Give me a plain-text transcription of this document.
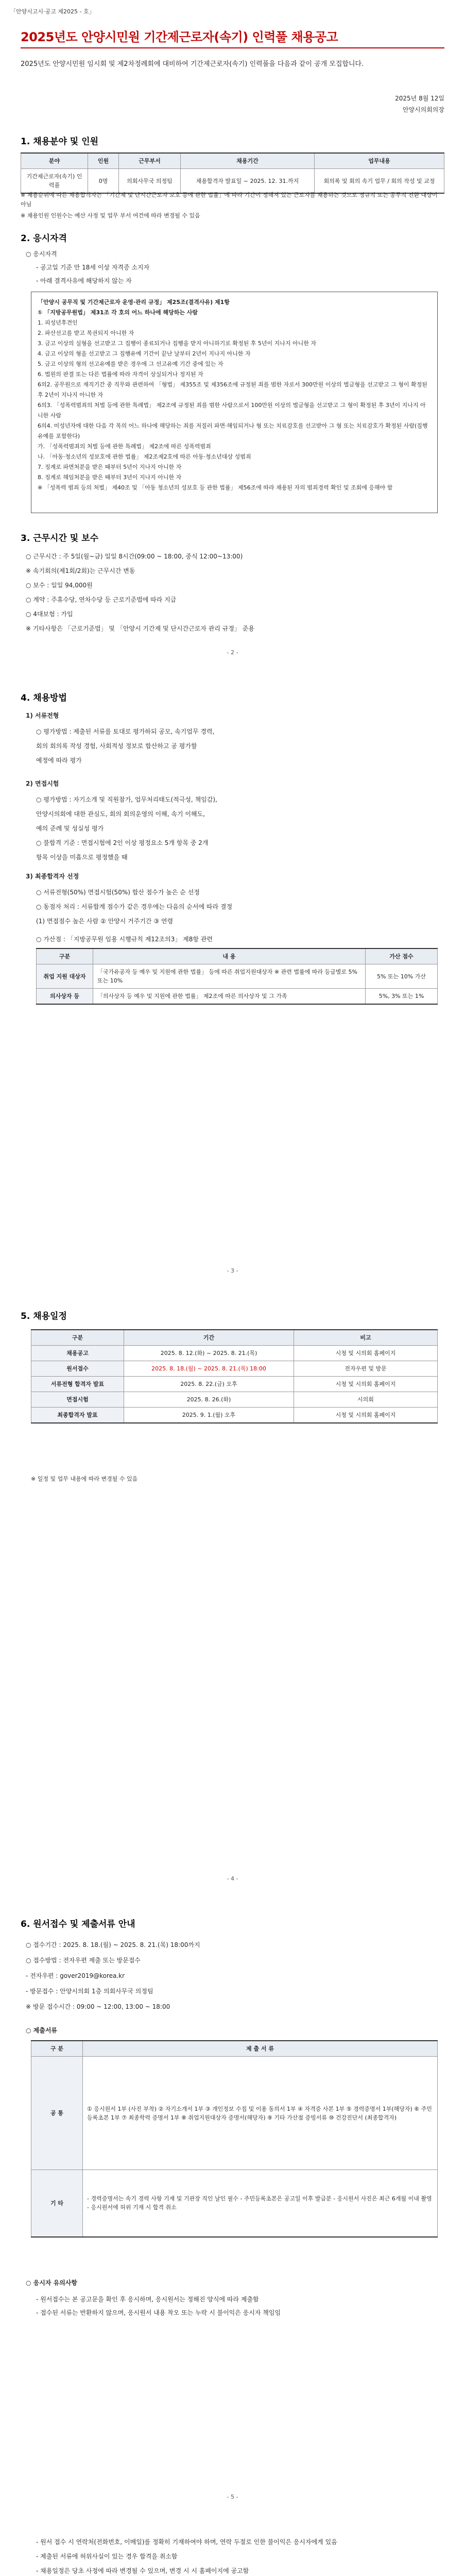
「안양시고시·공고 제2025 - 호」
2025년도 안양시민원 기간제근로자(속기) 인력풀 채용공고
2025년도 안양시민원 임시회 및 제2차정례회에 대비하여 기간제근로자(속기) 인력풀을 다음과 같이 공개 모집합니다.
2025년 8월 12일
안양시의회의장
1. 채용분야 및 인원
분야	인원	근무부서	채용기간	업무내용
기간제근로자(속기) 인력풀	0명	의회사무국 의정팀	채용합격자 발표일 ~ 2025. 12. 31.까지	회의록 및 회의 속기 업무 / 회의 작성 및 교정
※ 채용순위에 따른 채용합격자는 「기간제 및 단시간근로자 보호 등에 관한 법률」에 따라 기간이 정해져 있는 근로자를 채용하는 것으로 정규직 또는 공무직 전환 대상이 아님
※ 채용인원 인원수는 예산 사정 및 업무 부서 여건에 따라 변경될 수 있음
2. 응시자격
○ 응시자격
- 공고일 기준 만 18세 이상 자격증 소지자
- 아래 결격사유에 해당하지 않는 자
「안양시 공무직 및 기간제근로자 운영·관리 규정」 제25조(결격사유) 제1항
① 「지방공무원법」 제31조 각 호의 어느 하나에 해당하는 사람
1. 피성년후견인
2. 파산선고를 받고 복권되지 아니한 자
3. 금고 이상의 실형을 선고받고 그 집행이 종료되거나 집행을 받지 아니하기로 확정된 후 5년이 지나지 아니한 자
4. 금고 이상의 형을 선고받고 그 집행유예 기간이 끝난 날부터 2년이 지나지 아니한 자
5. 금고 이상의 형의 선고유예를 받은 경우에 그 선고유예 기간 중에 있는 자
6. 법원의 판결 또는 다른 법률에 따라 자격이 상실되거나 정지된 자
6의2. 공무원으로 재직기간 중 직무와 관련하여 「형법」 제355조 및 제356조에 규정된 죄를 범한 자로서 300만원 이상의 벌금형을 선고받고 그 형이 확정된 후 2년이 지나지 아니한 자
6의3. 「성폭력범죄의 처벌 등에 관한 특례법」 제2조에 규정된 죄를 범한 사람으로서 100만원 이상의 벌금형을 선고받고 그 형이 확정된 후 3년이 지나지 아니한 사람
6의4. 미성년자에 대한 다음 각 목의 어느 하나에 해당하는 죄를 저질러 파면·해임되거나 형 또는 치료감호를 선고받아 그 형 또는 치료감호가 확정된 사람(집행유예를 포함한다)
가. 「성폭력범죄의 처벌 등에 관한 특례법」 제2조에 따른 성폭력범죄
나. 「아동·청소년의 성보호에 관한 법률」 제2조제2호에 따른 아동·청소년대상 성범죄
7. 징계로 파면처분을 받은 때부터 5년이 지나지 아니한 자
8. 징계로 해임처분을 받은 때부터 3년이 지나지 아니한 자
※ 「성폭력 범죄 등의 처벌」 제40조 및 「아동 청소년의 성보호 등 관한 법률」 제56조에 따라 채용된 자의 범죄경력 확인 및 조회에 응해야 함
3. 근무시간 및 보수
○ 근무시간 : 주 5일(월~금) 일일 8시간(09:00 ~ 18:00, 중식 12:00~13:00)
※ 속기회의(제1회/2회)는 근무시간 변동
○ 보수 : 일일 94,000원
○ 계약 : 주휴수당, 연차수당 등 근로기준법에 따라 지급
○ 4대보험 : 가입
※ 기타사항은 「근로기준법」 및 「안양시 기간제 및 단시간근로자 관리 규정」 준용
- 2 -
4. 채용방법
1) 서류전형
○ 평가방법 : 제출된 서류를 토대로 평가하되 공모, 속기업무 경력,
회의 회의록 작성 경험, 사회적성 정보로 합산하고 공 평가할
예정에 따라 평가
2) 면접시험
○ 평가방법 : 자기소개 및 직원참가, 업무처리태도(적극성, 책임감),
안양시의회에 대한 관심도, 회의 회의운영의 이해, 속기 이해도,
예의 준례 및 성실성 평가
○ 불합격 기준 : 면접시험에 2인 이상 평정요소 5개 항목 중 2개
항목 이상을 미흡으로 평정했을 때
3) 최종합격자 선정
○ 서류전형(50%) 면접시험(50%) 합산 점수가 높은 순 선정
○ 동점자 처리 : 서류합계 점수가 같은 경우에는 다음의 순서에 따라 결정
(1) 면접점수 높은 사람 ② 안양시 거주기간 ③ 연령
○ 가산점 : 「지방공무원 임용 시행규칙 제12조의3」 제8항 관련
구분	내 용	가산 점수
취업 지원 대상자	「국가유공자 등 예우 및 지원에 관한 법률」 등에 따른 취업지원대상자 ※ 관련 법률에 따라 등급별로 5% 또는 10%	5% 또는 10% 가산
의사상자 등	「의사상자 등 예우 및 지원에 관한 법률」 제2조에 따른 의사상자 및 그 가족	5%, 3% 또는 1%
- 3 -
5. 채용일정
구분	기간	비고
채용공고	2025. 8. 12.(화) ~ 2025. 8. 21.(목)	시청 및 시의회 홈페이지
원서접수	2025. 8. 18.(월) ~ 2025. 8. 21.(목) 18:00	전자우편 및 방문
서류전형 합격자 발표	2025. 8. 22.(금) 오후	시청 및 시의회 홈페이지
면접시험	2025. 8. 26.(화)	시의회
최종합격자 발표	2025. 9. 1.(월) 오후	시청 및 시의회 홈페이지
※ 일정 및 업무 내용에 따라 변경될 수 있음
- 4 -
6. 원서접수 및 제출서류 안내
○ 접수기간 : 2025. 8. 18.(월) ~ 2025. 8. 21.(목) 18:00까지
○ 접수방법 : 전자우편 제출 또는 방문접수
- 전자우편 : gover2019@korea.kr
- 방문접수 : 안양시의회 1층 의회사무국 의정팀
※ 방문 접수시간 : 09:00 ~ 12:00, 13:00 ~ 18:00
○ 제출서류
구 분	제 출 서 류
공 통	① 응시원서 1부 (사진 부착) ② 자기소개서 1부 ③ 개인정보 수집 및 이용 동의서 1부 ④ 자격증 사본 1부 ⑤ 경력증명서 1부(해당자) ⑥ 주민등록초본 1부 ⑦ 최종학력 증명서 1부 ⑧ 취업지원대상자 증명서(해당자) ⑨ 기타 가산점 증빙서류 ⑩ 건강진단서 (최종합격자)
기 타	- 경력증명서는 속기 경력 사항 기재 및 기관장 직인 날인 필수 - 주민등록초본은 공고일 이후 발급분 - 응시원서 사진은 최근 6개월 이내 촬영 - 응시원서에 허위 기재 시 합격 취소
○ 응시자 유의사항
- 원서접수는 본 공고문을 확인 후 응시하며, 응시원서는 정해진 양식에 따라 제출함
- 접수된 서류는 반환하지 않으며, 응시원서 내용 착오 또는 누락 시 불이익은 응시자 책임임
- 5 -
- 원서 접수 시 연락처(전화번호, 이메일)를 정확히 기재하여야 하며, 연락 두절로 인한 불이익은 응시자에게 있음
- 제출된 서류에 허위사실이 있는 경우 합격을 취소함
- 채용일정은 당초 사정에 따라 변경될 수 있으며, 변경 시 시 홈페이지에 공고함
